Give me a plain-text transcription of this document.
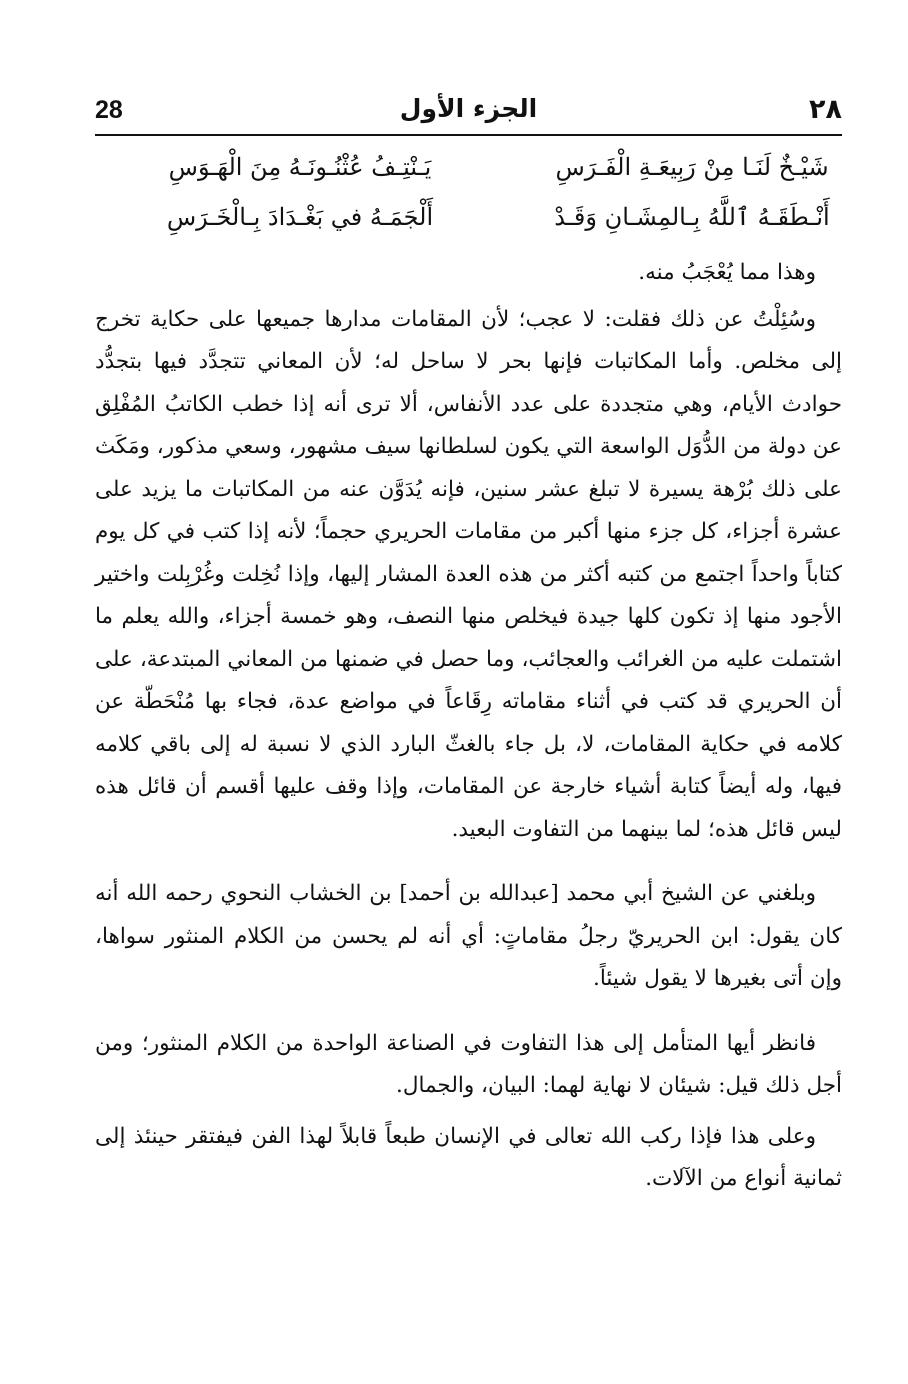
28	الجزء الأول	٢٨
شَيْـخٌ لَنَـا مِنْ رَبِيعَـةِ الْفَـرَسِ
يَـنْتِـفُ عُثْنُـونَـهُ مِنَ الْهَـوَسِ
أَنْـطَقَـهُ ٱللَّهُ بِـالمِشَـانِ وَقَـدْ
أَلْجَمَـهُ في بَغْـدَادَ بِـالْخَـرَسِ

وهذا مما يُعْجَبُ منه.

وسُئِلْتُ عن ذلك فقلت: لا عجب؛ لأن المقامات مدارها جميعها على حكاية تخرج إلى مخلص. وأما المكاتبات فإنها بحر لا ساحل له؛ لأن المعاني تتجدَّد فيها بتجدُّد حوادث الأيام، وهي متجددة على عدد الأنفاس، ألا ترى أنه إذا خطب الكاتبُ المُفْلِق عن دولة من الدُّوَل الواسعة التي يكون لسلطانها سيف مشهور، وسعي مذكور، ومَكَث على ذلك بُرْهة يسيرة لا تبلغ عشر سنين، فإنه يُدَوَّن عنه من المكاتبات ما يزيد على عشرة أجزاء، كل جزء منها أكبر من مقامات الحريري حجماً؛ لأنه إذا كتب في كل يوم كتاباً واحداً اجتمع من كتبه أكثر من هذه العدة المشار إليها، وإذا نُخِلت وغُرْبِلت واختير الأجود منها إذ تكون كلها جيدة فيخلص منها النصف، وهو خمسة أجزاء، والله يعلم ما اشتملت عليه من الغرائب والعجائب، وما حصل في ضمنها من المعاني المبتدعة، على أن الحريري قد كتب في أثناء مقاماته رِقَاعاً في مواضع عدة، فجاء بها مُنْحَطّة عن كلامه في حكاية المقامات، لا، بل جاء بالغثّ البارد الذي لا نسبة له إلى باقي كلامه فيها، وله أيضاً كتابة أشياء خارجة عن المقامات، وإذا وقف عليها أقسم أن قائل هذه ليس قائل هذه؛ لما بينهما من التفاوت البعيد.

وبلغني عن الشيخ أبي محمد [عبدالله بن أحمد] بن الخشاب النحوي رحمه الله أنه كان يقول: ابن الحريريّ رجلُ مقاماتٍ: أي أنه لم يحسن من الكلام المنثور سواها، وإن أتى بغيرها لا يقول شيئاً.

فانظر أيها المتأمل إلى هذا التفاوت في الصناعة الواحدة من الكلام المنثور؛ ومن أجل ذلك قيل: شيئان لا نهاية لهما: البيان، والجمال.

وعلى هذا فإذا ركب الله تعالى في الإنسان طبعاً قابلاً لهذا الفن فيفتقر حينئذ إلى ثمانية أنواع من الآلات.
